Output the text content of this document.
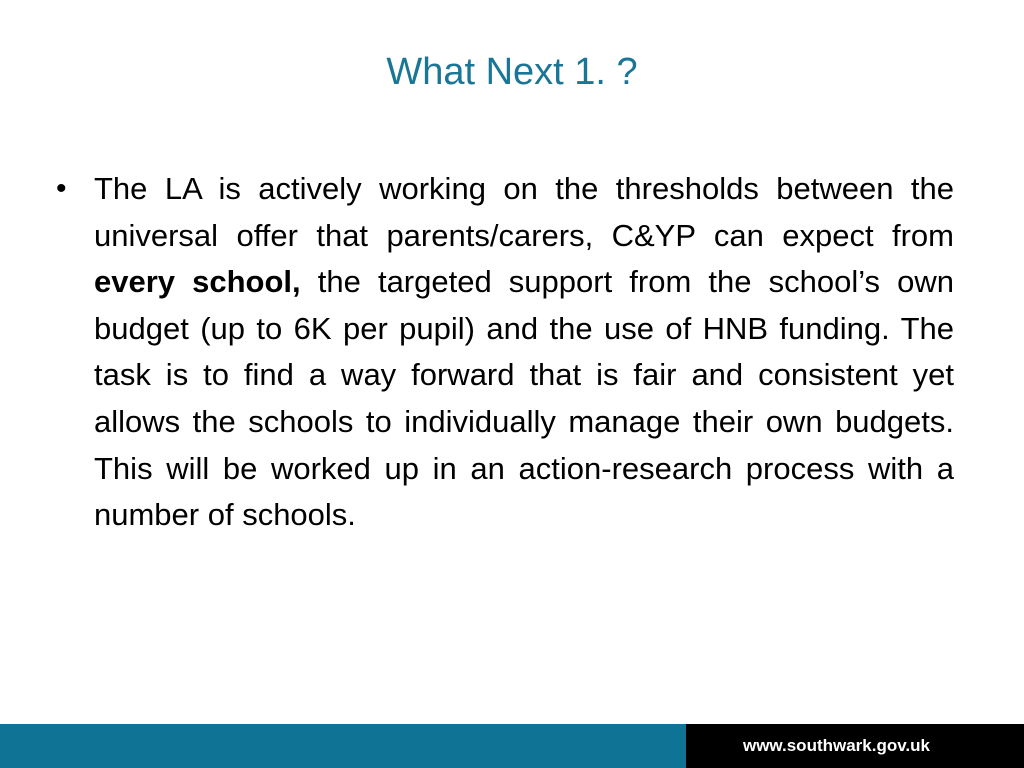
What Next 1. ?
• The LA is actively working on the thresholds between the universal offer that parents/carers, C&YP can expect from every school, the targeted support from the school’s own budget (up to 6K per pupil) and the use of HNB funding. The task is to find a way forward that is fair and consistent yet allows the schools to individually manage their own budgets. This will be worked up in an action-research process with a number of schools.
www.southwark.gov.uk
